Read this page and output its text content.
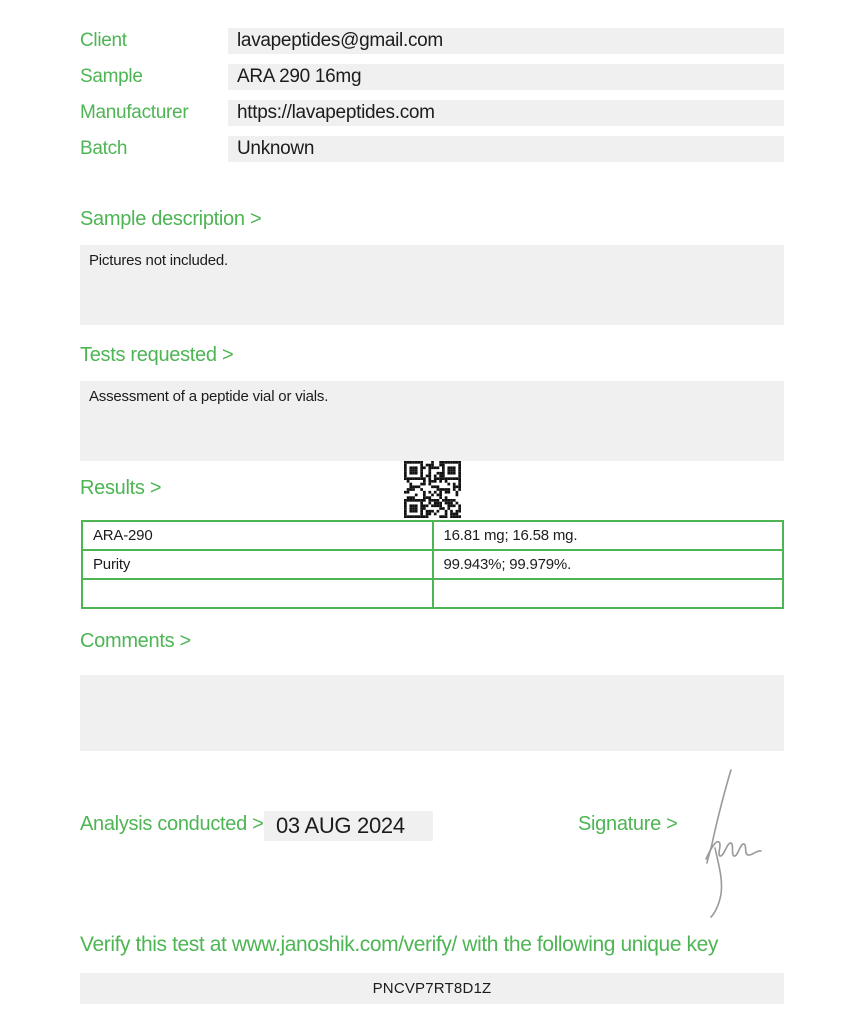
Client	lavapeptides@gmail.com
Sample	ARA 290 16mg
Manufacturer	https://lavapeptides.com
Batch	Unknown
Sample description >
Pictures not included.
Tests requested >
Assessment of a peptide vial or vials.
Results >
ARA-290	16.81 mg; 16.58 mg.
Purity	99.943%; 99.979%.

Comments >
Analysis conducted > 03 AUG 2024	Signature >
Verify this test at www.janoshik.com/verify/ with the following unique key
PNCVP7RT8D1Z
